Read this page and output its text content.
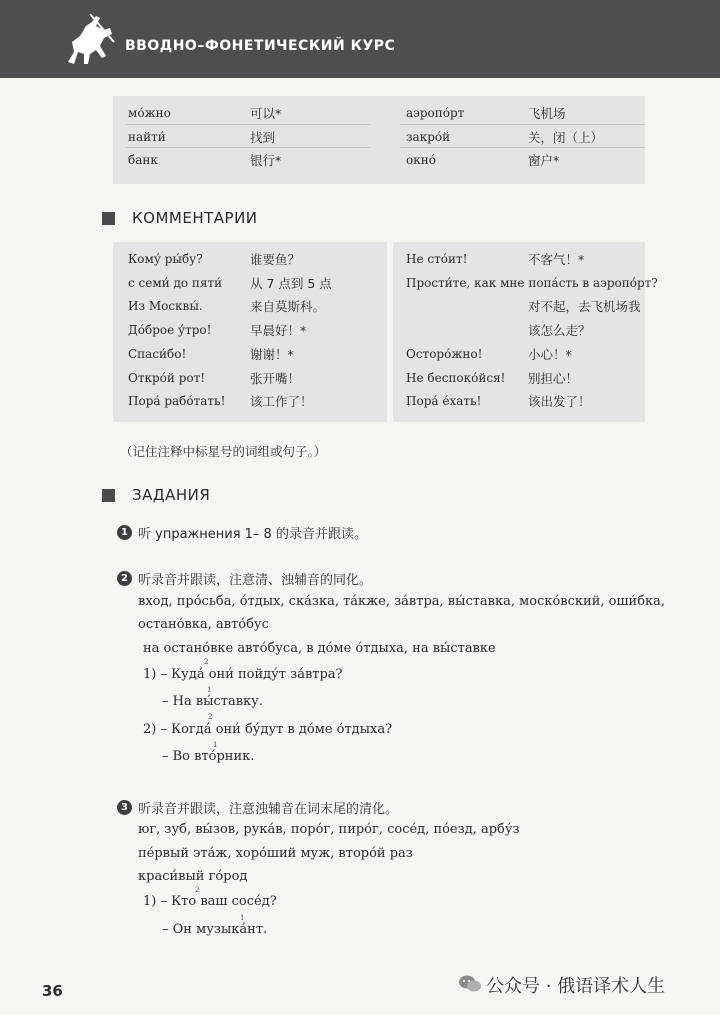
ВВОДНО–ФОНЕТИЧЕСКИЙ КУРС
мо́жно	可以*
найти́	找到
банк	银行*
аэропо́рт	飞机场
закро́й	关，闭（上）
окно́	窗户*
КОММЕНТАРИИ
Кому́ ры́бу?	谁要鱼？
с семи́ до пяти́ 从 7 点到 5 点
Из Москвы́.	来自莫斯科。
До́брое у́тро!	早晨好！*
Спаси́бо!	谢谢！*
Откро́й рот!	张开嘴！
Пора́ рабо́тать! 该工作了！
Не сто́ит!	不客气！*
Прости́те, как мне попа́сть в аэропо́рт?
对不起，去飞机场我
该怎么走？
Осторо́жно!	小心！*
Не беспоко́йся! 别担心！
Пора́ е́хать!	该出发了！
（记住注释中标星号的词组或句子。）
ЗАДАНИЯ
1 听 упражнения 1– 8 的录音并跟读。
2 听录音并跟读，注意清、浊辅音的同化。
вход, про́сьба, о́тдых, ска́зка, та́кже, за́втра, вы́ставка, моско́вский, оши́бка,
остано́вка, авто́бус
на остано́вке авто́буса, в до́ме о́тдыха, на вы́ставке
2
1) – Куда́ они́ пойду́т за́втра?
1
– На вы́ставку.
2
2) – Когда́ они́ бу́дут в до́ме о́тдыха?
1
– Во вто́рник.
3 听录音并跟读，注意浊辅音在词末尾的清化。
юг, зуб, вы́зов, рука́в, поро́г, пиро́г, сосе́д, по́езд, арбу́з
пе́рвый эта́ж, хоро́ший муж, второ́й раз
краси́вый го́род
2
1) – Кто ваш сосе́д?
1
– Он музыка́нт.
36	公众号 · 俄语译术人生
